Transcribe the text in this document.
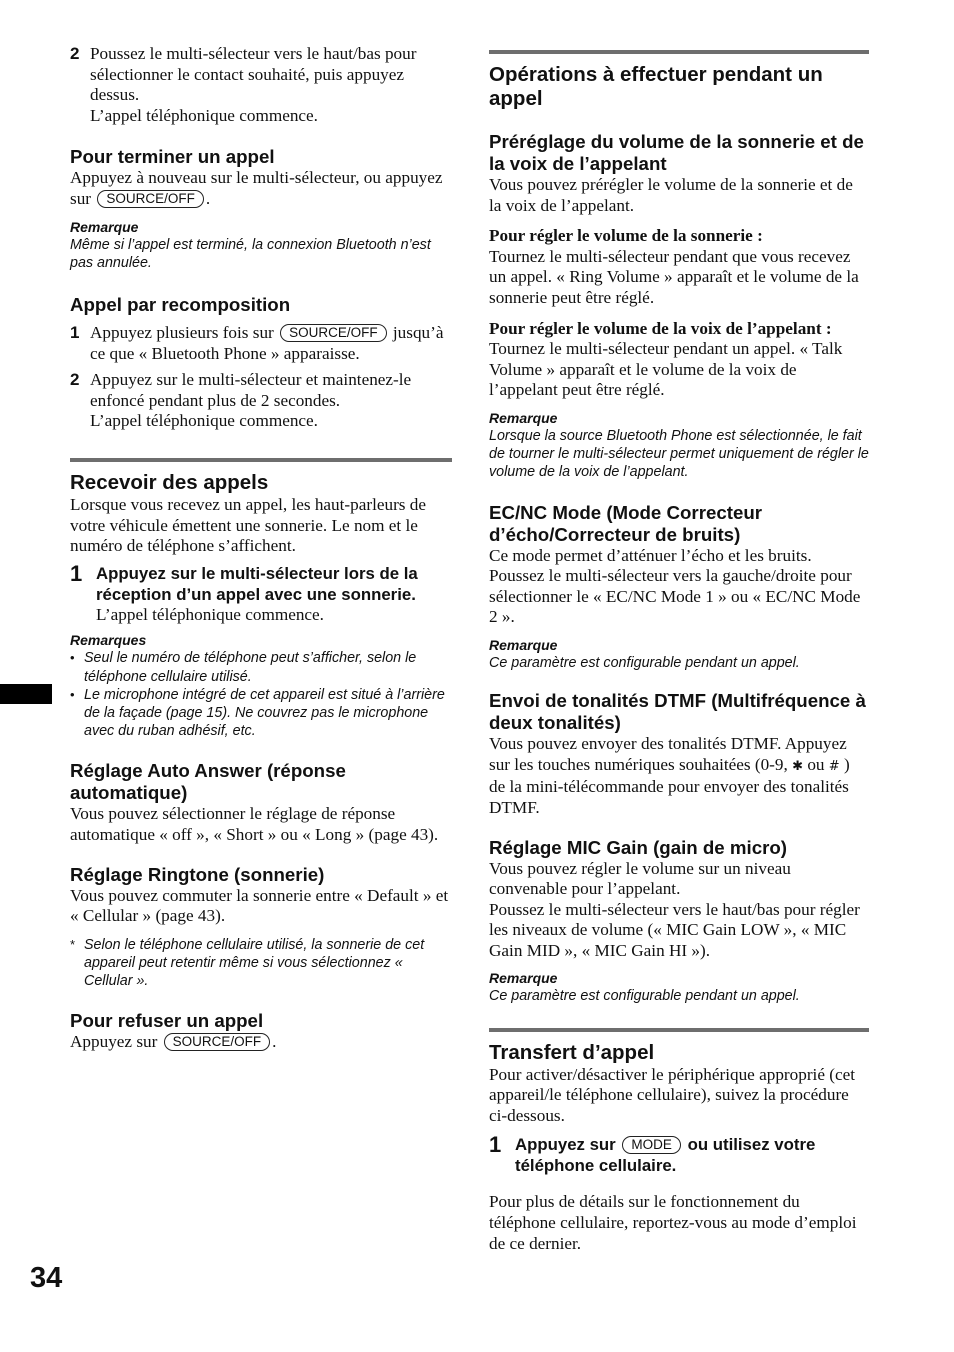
2 Poussez le multi-sélecteur vers le haut/bas pour sélectionner le contact souhaité, puis appuyez dessus.

L’appel téléphonique commence.

Pour terminer un appel

Appuyez à nouveau sur le multi-sélecteur, ou appuyez sur SOURCE/OFF .

Remarque

Même si l’appel est terminé, la connexion Bluetooth n’est pas annulée.

Appel par recomposition
1 Appuyez plusieurs fois sur SOURCE/OFF jusqu’à ce que « Bluetooth Phone » apparaisse.

2 Appuyez sur le multi-sélecteur et maintenez-le enfoncé pendant plus de 2 secondes.

L’appel téléphonique commence.

Recevoir des appels

Lorsque vous recevez un appel, les haut-parleurs de votre véhicule émettent une sonnerie. Le nom et le numéro de téléphone s’affichent.

1 Appuyez sur le multi-sélecteur lors de la réception d’un appel avec une sonnerie.

L’appel téléphonique commence.

Remarques
• Seul le numéro de téléphone peut s’afficher, selon le téléphone cellulaire utilisé.

• Le microphone intégré de cet appareil est situé à l’arrière de la façade (page 15). Ne couvrez pas le microphone avec du ruban adhésif, etc.

Réglage Auto Answer (réponse automatique)

Vous pouvez sélectionner le réglage de réponse automatique « off », « Short » ou « Long » (page 43).

Réglage Ringtone (sonnerie)

Vous pouvez commuter la sonnerie entre « Default » et « Cellular » (page 43).

* Selon le téléphone cellulaire utilisé, la sonnerie de cet appareil peut retentir même si vous sélectionnez « Cellular ».

Pour refuser un appel

Appuyez sur SOURCE/OFF .

Opérations à effectuer pendant un appel
Préréglage du volume de la sonnerie et de la voix de l’appelant

Vous pouvez prérégler le volume de la sonnerie et de la voix de l’appelant.

Pour régler le volume de la sonnerie :

Tournez le multi-sélecteur pendant que vous recevez un appel. « Ring Volume » apparaît et le volume de la sonnerie peut être réglé.

Pour régler le volume de la voix de l’appelant :

Tournez le multi-sélecteur pendant un appel. « Talk Volume » apparaît et le volume de la voix de l’appelant peut être réglé.

Remarque

Lorsque la source Bluetooth Phone est sélectionnée, le fait de tourner le multi-sélecteur permet uniquement de régler le volume de la voix de l’appelant.

EC/NC Mode (Mode Correcteur d’écho/Correcteur de bruits)

Ce mode permet d’atténuer l’écho et les bruits. Poussez le multi-sélecteur vers la gauche/droite pour sélectionner le « EC/NC Mode 1 » ou « EC/NC Mode 2 ».

Remarque

Ce paramètre est configurable pendant un appel.

Envoi de tonalités DTMF (Multifréquence à deux tonalités)

Vous pouvez envoyer des tonalités DTMF. Appuyez sur les touches numériques souhaitées (0-9, ✱ ou # ) de la mini-télécommande pour envoyer des tonalités DTMF.

Réglage MIC Gain (gain de micro)

Vous pouvez régler le volume sur un niveau convenable pour l’appelant.

Poussez le multi-sélecteur vers le haut/bas pour régler les niveaux de volume (« MIC Gain LOW », « MIC Gain MID », « MIC Gain HI »).

Remarque

Ce paramètre est configurable pendant un appel.

Transfert d’appel

Pour activer/désactiver le périphérique approprié (cet appareil/le téléphone cellulaire), suivez la procédure ci-dessous.

1 Appuyez sur MODE ou utilisez votre téléphone cellulaire.

Pour plus de détails sur le fonctionnement du téléphone cellulaire, reportez-vous au mode d’emploi de ce dernier.

34
